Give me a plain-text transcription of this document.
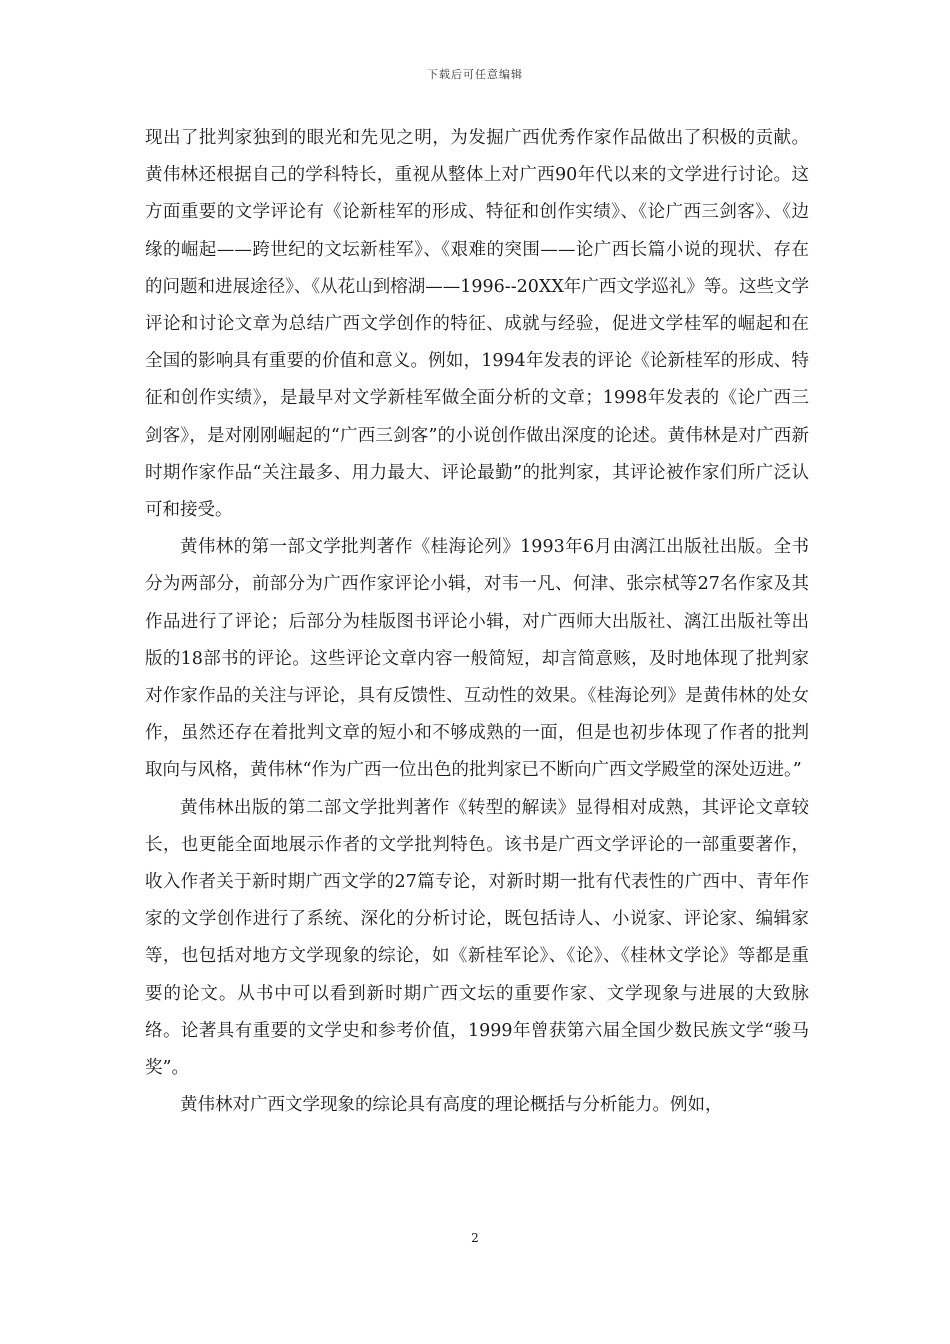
下载后可任意编辑

现出了批判家独到的眼光和先见之明，为发掘广西优秀作家作品做出了积极的贡献。黄伟林还根据自己的学科特长，重视从整体上对广西90年代以来的文学进行讨论。这方面重要的文学评论有《论新桂军的形成、特征和创作实绩》、《论广西三剑客》、《边缘的崛起——跨世纪的文坛新桂军》、《艰难的突围——论广西长篇小说的现状、存在的问题和进展途径》、《从花山到榕湖——1996--20XX年广西文学巡礼》等。这些文学评论和讨论文章为总结广西文学创作的特征、成就与经验，促进文学桂军的崛起和在全国的影响具有重要的价值和意义。例如，1994年发表的评论《论新桂军的形成、特征和创作实绩》，是最早对文学新桂军做全面分析的文章；1998年发表的《论广西三剑客》，是对刚刚崛起的“广西三剑客”的小说创作做出深度的论述。黄伟林是对广西新时期作家作品“关注最多、用力最大、评论最勤”的批判家，其评论被作家们所广泛认可和接受。

黄伟林的第一部文学批判著作《桂海论列》1993年6月由漓江出版社出版。全书分为两部分，前部分为广西作家评论小辑，对韦一凡、何津、张宗栻等27名作家及其作品进行了评论；后部分为桂版图书评论小辑，对广西师大出版社、漓江出版社等出版的18部书的评论。这些评论文章内容一般简短，却言简意赅，及时地体现了批判家对作家作品的关注与评论，具有反馈性、互动性的效果。《桂海论列》是黄伟林的处女作，虽然还存在着批判文章的短小和不够成熟的一面，但是也初步体现了作者的批判取向与风格，黄伟林“作为广西一位出色的批判家已不断向广西文学殿堂的深处迈进。”

黄伟林出版的第二部文学批判著作《转型的解读》显得相对成熟，其评论文章较长，也更能全面地展示作者的文学批判特色。该书是广西文学评论的一部重要著作，收入作者关于新时期广西文学的27篇专论，对新时期一批有代表性的广西中、青年作家的文学创作进行了系统、深化的分析讨论，既包括诗人、小说家、评论家、编辑家等，也包括对地方文学现象的综论，如《新桂军论》、《论》、《桂林文学论》等都是重要的论文。从书中可以看到新时期广西文坛的重要作家、文学现象与进展的大致脉络。论著具有重要的文学史和参考价值，1999年曾获第六届全国少数民族文学“骏马奖”。

黄伟林对广西文学现象的综论具有高度的理论概括与分析能力。例如，

2
